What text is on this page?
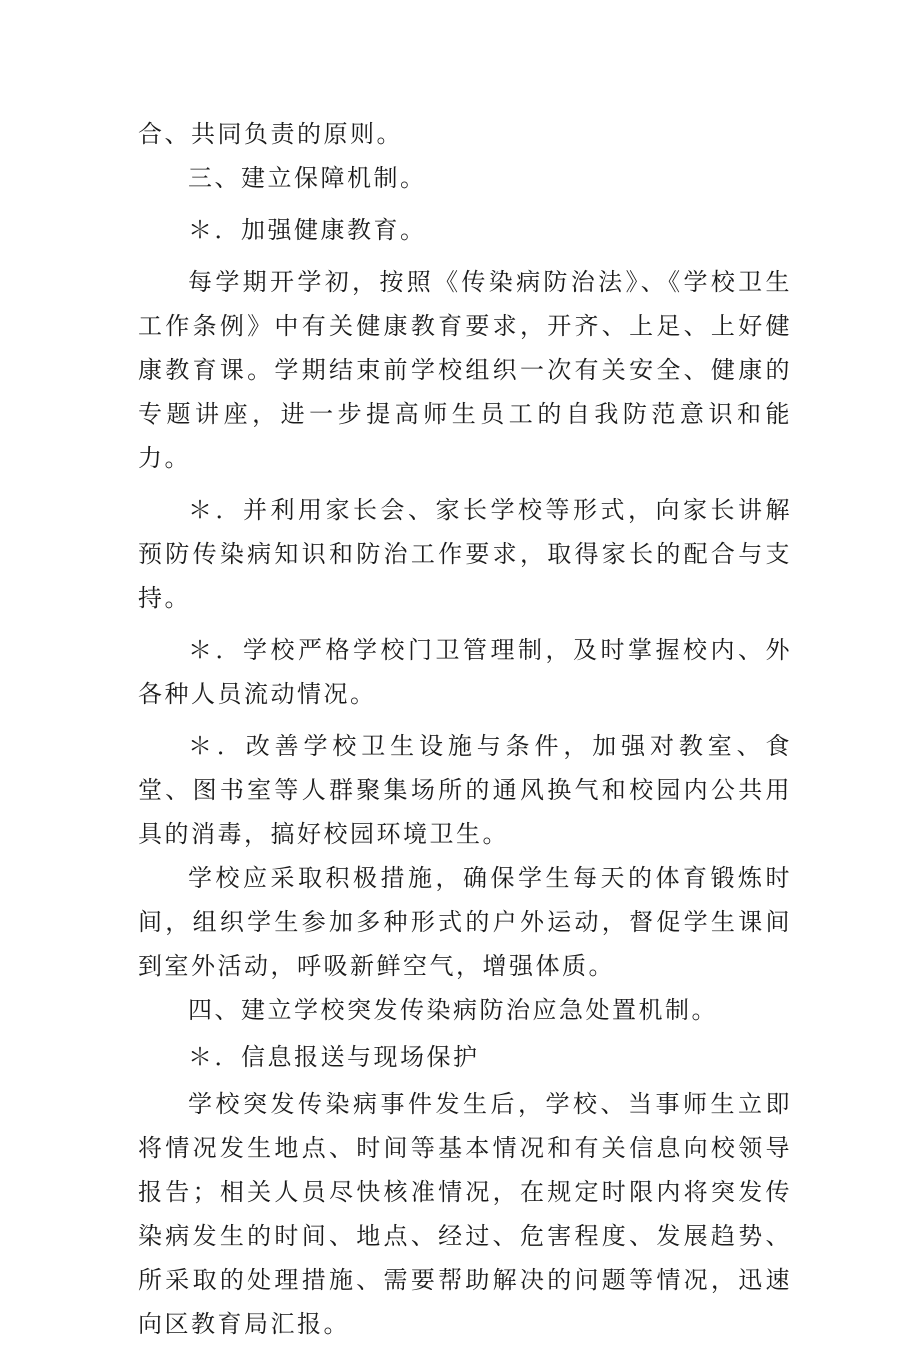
合、共同负责的原则。

三、建立保障机制。

＊．加强健康教育。

每学期开学初，按照《传染病防治法》、《学校卫生工作条例》中有关健康教育要求，开齐、上足、上好健康教育课。学期结束前学校组织一次有关安全、健康的专题讲座，进一步提高师生员工的自我防范意识和能力。

＊．并利用家长会、家长学校等形式，向家长讲解预防传染病知识和防治工作要求，取得家长的配合与支持。

＊．学校严格学校门卫管理制，及时掌握校内、外各种人员流动情况。

＊．改善学校卫生设施与条件，加强对教室、食堂、图书室等人群聚集场所的通风换气和校园内公共用具的消毒，搞好校园环境卫生。

学校应采取积极措施，确保学生每天的体育锻炼时间，组织学生参加多种形式的户外运动，督促学生课间到室外活动，呼吸新鲜空气，增强体质。

四、建立学校突发传染病防治应急处置机制。

＊．信息报送与现场保护

学校突发传染病事件发生后，学校、当事师生立即将情况发生地点、时间等基本情况和有关信息向校领导报告；相关人员尽快核准情况，在规定时限内将突发传染病发生的时间、地点、经过、危害程度、发展趋势、所采取的处理措施、需要帮助解决的问题等情况，迅速向区教育局汇报。
